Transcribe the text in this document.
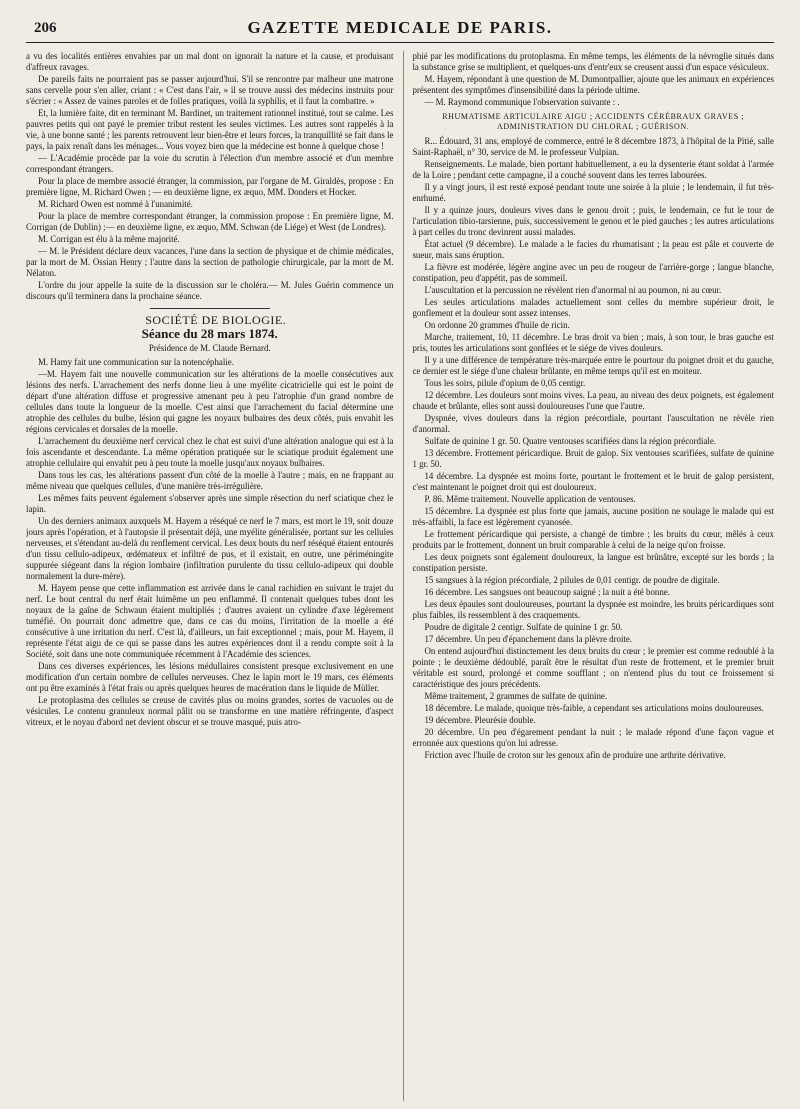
206	GAZETTE MEDICALE DE PARIS.

a vu des localités entières envahies par un mal dont on ignorait la nature et la cause, et produisant d'affreux ravages.

De pareils faits ne pourraient pas se passer aujourd'hui. S'il se rencontre par malheur une matrone sans cervelle pour s'en aller, criant : « C'est dans l'air, » il se trouve aussi des médecins instruits pour s'écrier : « Assez de vaines paroles et de folles pratiques, voilà la syphilis, et il faut la combattre. »

Et, la lumière faite, dit en terminant M. Bardinet, un traitement rationnel institué, tout se calme. Les pauvres petits qui ont payé le premier tribut restent les seules victimes. Les autres sont rappelés à la vie, à une bonne santé ; les parents retrouvent leur bien-être et leurs forces, la tranquillité se fait dans le pays, la paix renaît dans les ménages... Vous voyez bien que la médecine est bonne à quelque chose !

— L'Académie procède par la voie du scrutin à l'élection d'un membre associé et d'un membre correspondant étrangers.

Pour la place de membre associé étranger, la commission, par l'organe de M. Giraldès, propose : En première ligne, M. Richard Owen ; — en deuxième ligne, ex æquo, MM. Donders et Hocker.

M. Richard Owen est nommé à l'unanimité.

Pour la place de membre correspondant étranger, la commission propose : En première ligne, M. Corrigan (de Dublin) ;— en deuxième ligne, ex æquo, MM. Schwan (de Liége) et West (de Londres).

M. Corrigan est élu à la même majorité.

— M. le Président déclare deux vacances, l'une dans la section de physique et de chimie médicales, par la mort de M. Ossian Henry ; l'autre dans la section de pathologie chirurgicale, par la mort de M. Nélaton.

L'ordre du jour appelle la suite de la discussion sur le choléra.— M. Jules Guérin commence un discours qu'il terminera dans la prochaine séance.

SOCIÉTÉ DE BIOLOGIE.

Séance du 28 mars 1874.
Présidence de M. Claude Bernard.

M. Hamy fait une communication sur la notencéphalie.

—M. Hayem fait une nouvelle communication sur les altérations de la moelle consécutives aux lésions des nerfs. L'arrachement des nerfs donne lieu à une myélite cicatricielle qui est le point de départ d'une altération diffuse et progressive amenant peu à peu l'atrophie d'un grand nombre de cellules dans toute la longueur de la moelle. C'est ainsi que l'arrachement du facial détermine une atrophie des cellules du bulbe, lésion qui gagne les noyaux bulbaires des deux côtés, puis envahit les régions cervicales et dorsales de la moelle.

L'arrachement du deuxième nerf cervical chez le chat est suivi d'une altération analogue qui est à la fois ascendante et descendante. La même opération pratiquée sur le sciatique produit également une atrophie cellulaire qui envahit peu à peu toute la moelle jusqu'aux noyaux bulbaires.

Dans tous les cas, les altérations passent d'un côté de la moelle à l'autre ; mais, en ne frappant au même niveau que quelques cellules, d'une manière très-irrégulière.

Les mêmes faits peuvent également s'observer après une simple résection du nerf sciatique chez le lapin.

Un des derniers animaux auxquels M. Hayem a réséqué ce nerf le 7 mars, est mort le 19, soit douze jours après l'opération, et à l'autopsie il présentait déjà, une myélite généralisée, portant sur les cellules nerveuses, et s'étendant au-delà du renflement cervical. Les deux bouts du nerf réséqué étaient entourés d'un tissu cellulo-adipeux, œdémateux et infiltré de pus, et il existait, en outre, une périméningite suppurée siégeant dans la région lombaire (infiltration purulente du tissu cellulo-adipeux qui double normalement la dure-mère).

M. Hayem pense que cette inflammation est arrivée dans le canal rachidien en suivant le trajet du nerf. Le bout central du nerf était luimême un peu enflammé. Il contenait quelques tubes dont les noyaux de la gaîne de Schwaun étaient multipliés ; d'autres avaient un cylindre d'axe légèrement tuméfié. On pourrait donc admettre que, dans ce cas du moins, l'irritation de la moelle a été consécutive à une irritation du nerf. C'est là, d'ailleurs, un fait exceptionnel ; mais, pour M. Hayem, il représente l'état aigu de ce qui se passe dans les autres expériences dont il a rendu compte soit à la Société, soit dans une note communiquée récemment à l'Académie des sciences.

Dans ces diverses expériences, les lésions médullaires consistent presque exclusivement en une modification d'un certain nombre de cellules nerveuses. Chez le lapin mort le 19 mars, ces éléments ont pu être examinés à l'état frais ou après quelques heures de macération dans le liquide de Müller.

Le protoplasma des cellules se creuse de cavités plus ou moins grandes, sortes de vacuoles ou de vésicules. Le contenu granuleux normal pâlit ou se transforme en une matière réfringente, d'aspect vitreux, et le noyau d'abord net devient obscur et se trouve masqué, puis atro-

phié par les modifications du protoplasma. En même temps, les éléments de la névroglie situés dans la substance grise se multiplient, et quelques-uns d'entr'eux se creusent aussi d'un espace vésiculeux.

M. Hayem, répondant à une question de M. Dumontpallier, ajoute que les animaux en expériences présentent des symptômes d'insensibilité dans la période ultime.

— M. Raymond communique l'observation suivante : .

RHUMATISME ARTICULAIRE AIGU ; ACCIDENTS CÉRÉBRAUX GRAVES ; ADMINISTRATION DU CHLORAL ; GUÉRISON.

R... Édouard, 31 ans, employé de commerce, entré le 8 décembre 1873, à l'hôpital de la Pitié, salle Saint-Raphaël, n° 30, service de M. le professeur Vulpian.

Renseignements. Le malade, bien portant habituellement, a eu la dysenterie étant soldat à l'armée de la Loire ; pendant cette campagne, il a couché souvent dans les terres labourées.

Il y a vingt jours, il est resté exposé pendant toute une soirée à la pluie ; le lendemain, il fut très-enrhumé.

Il y a quinze jours, douleurs vives dans le genou droit ; puis, le lendemain, ce fut le tour de l'articulation tibio-tarsienne, puis, successivement le genou et le pied gauches ; les autres articulations à part celles du tronc devinrent aussi malades.

État actuel (9 décembre). Le malade a le facies du rhumatisant ; la peau est pâle et couverte de sueur, mais sans éruption.

La fièvre est modérée, légère angine avec un peu de rougeur de l'arrière-gorge ; langue blanche, constipation, peu d'appétit, pas de sommeil.

L'auscultation et la percussion ne révèlent rien d'anormal ni au poumon, ni au cœur.

Les seules articulations malades actuellement sont celles du membre supérieur droit, le gonflement et la douleur sont assez intenses.

On ordonne 20 grammes d'huile de ricin.

Marche, traitement, 10, 11 décembre. Le bras droit va bien ; mais, à son tour, le bras gauche est pris, toutes les articulations sont gonflées et le siége de vives douleurs.

Il y a une différence de température très-marquée entre le pourtour du poignet droit et du gauche, ce dernier est le siége d'une chaleur brûlante, en même temps qu'il est en moiteur.

Tous les soirs, pilule d'opium de 0,05 centigr.

12 décembre. Les douleurs sont moins vives. La peau, au niveau des deux poignets, est également chaude et brûlante, elles sont aussi douloureuses l'une que l'autre.

Dyspnée, vives douleurs dans la région précordiale, pourtant l'auscultation ne révèle rien d'anormal.

Sulfate de quinine 1 gr. 50. Quatre ventouses scarifiées dans la région précordiale.

13 décembre. Frottement péricardique. Bruit de galop. Six ventouses scarifiées, sulfate de quinine 1 gr. 50.

14 décembre. La dyspnée est moins forte, pourtant le frottement et le bruit de galop persistent, c'est maintenant le poignet droit qui est douloureux.

P. 86. Même traitement. Nouvelle application de ventouses.

15 décembre. La dyspnée est plus forte que jamais, aucune position ne soulage le malade qui est très-affaibli, la face est légèrement cyanosée.

Le frottement péricardique qui persiste, a changé de timbre ; les bruits du cœur, mêlés à ceux produits par le frottement, donnent un bruit comparable à celui de la neige qu'on froisse.

Les deux poignets sont également douloureux, la langue est brûnâtre, excepté sur les bords ; la constipation persiste.

15 sangsues à la région précordiale, 2 pilules de 0,01 centigr. de poudre de digitale.

16 décembre. Les sangsues ont beaucoup saigné ; la nuit a été bonne.

Les deux épaules sont douloureuses, pourtant la dyspnée est moindre, les bruits péricardiques sont plus faibles, ils ressemblent à des craquements.

Poudre de digitale 2 centigr. Sulfate de quinine 1 gr. 50.

17 décembre. Un peu d'épanchement dans la plèvre droite.

On entend aujourd'hui distinctement les deux bruits du cœur ; le premier est comme redoublé à la pointe ; le deuxième dédoublé, paraît être le résultat d'un reste de frottement, et le premier bruit véritable est sourd, prolongé et comme soufflant ; on n'entend plus du tout ce froissement si caractéristique des jours précédents.

Même traitement, 2 grammes de sulfate de quinine.

18 décembre. Le malade, quoique très-faible, a cependant ses articulations moins douloureuses.

19 décembre. Pleurésie double.

20 décembre. Un peu d'égarement pendant la nuit ; le malade répond d'une façon vague et erronnée aux questions qu'on lui adresse.

Friction avec l'huile de croton sur les genoux afin de produire une arthrite dérivative.
